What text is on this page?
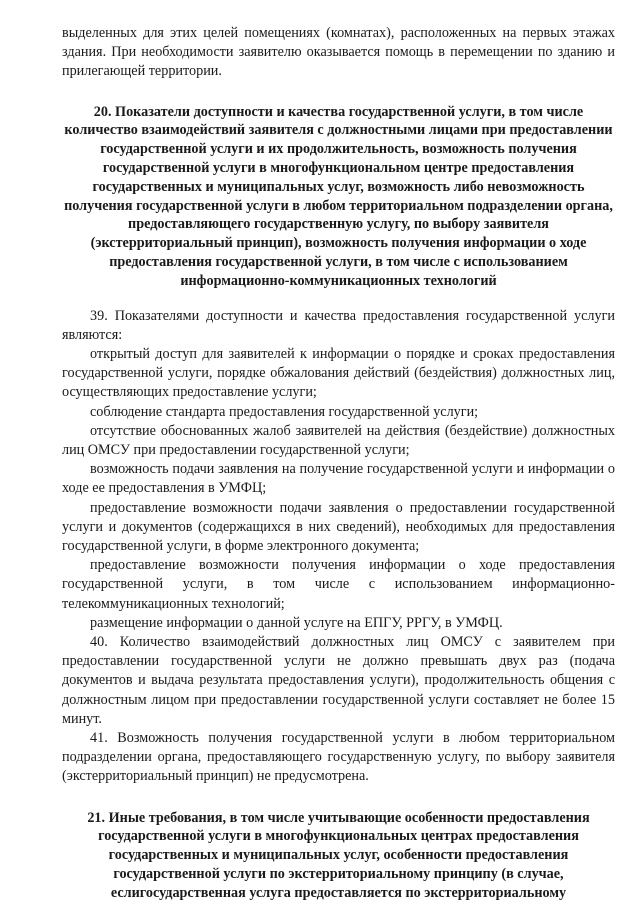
выделенных для этих целей помещениях (комнатах), расположенных на первых этажах здания. При необходимости заявителю оказывается помощь в перемещении по зданию и прилегающей территории.

20. Показатели доступности и качества государственной услуги, в том числе количество взаимодействий заявителя с должностными лицами при предоставлении государственной услуги и их продолжительность, возможность получения государственной услуги в многофункциональном центре предоставления государственных и муниципальных услуг, возможность либо невозможность получения государственной услуги в любом территориальном подразделении органа, предоставляющего государственную услугу, по выбору заявителя (экстерриториальный принцип), возможность получения информации о ходе предоставления государственной услуги, в том числе с использованием информационно-коммуникационных технологий

39. Показателями доступности и качества предоставления государственной услуги являются:

открытый доступ для заявителей к информации о порядке и сроках предоставления государственной услуги, порядке обжалования действий (бездействия) должностных лиц, осуществляющих предоставление услуги;

соблюдение стандарта предоставления государственной услуги;

отсутствие обоснованных жалоб заявителей на действия (бездействие) должностных лиц ОМСУ при предоставлении государственной услуги;

возможность подачи заявления на получение государственной услуги и информации о ходе ее предоставления в УМФЦ;

предоставление возможности подачи заявления о предоставлении государственной услуги и документов (содержащихся в них сведений), необходимых для предоставления государственной услуги, в форме электронного документа;

предоставление возможности получения информации о ходе предоставления государственной услуги, в том числе с использованием информационно-телекоммуникационных технологий;

размещение информации о данной услуге на ЕПГУ, РРГУ, в УМФЦ.

40. Количество взаимодействий должностных лиц ОМСУ с заявителем при предоставлении государственной услуги не должно превышать двух раз (подача документов и выдача результата предоставления услуги), продолжительность общения с должностным лицом при предоставлении государственной услуги составляет не более 15 минут.

41. Возможность получения государственной услуги в любом территориальном подразделении органа, предоставляющего государственную услугу, по выбору заявителя (экстерриториальный принцип) не предусмотрена.

21. Иные требования, в том числе учитывающие особенности предоставления государственной услуги в многофункциональных центрах предоставления государственных и муниципальных услуг, особенности предоставления государственной услуги по экстерриториальному принципу (в случае, еслигосударственная услуга предоставляется по экстерриториальному
